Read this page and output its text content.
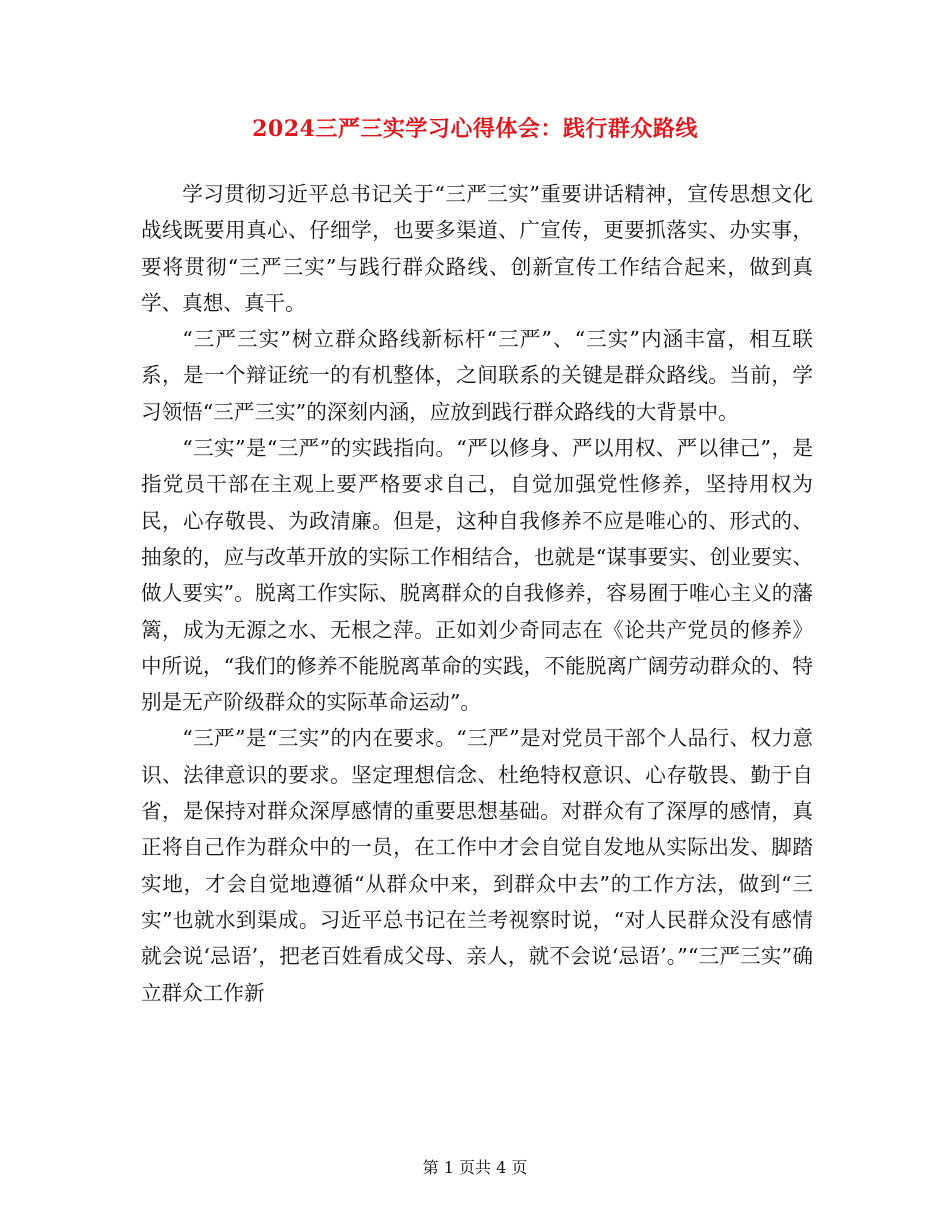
2024三严三实学习心得体会：践行群众路线

学习贯彻习近平总书记关于“三严三实”重要讲话精神，宣传思想文化战线既要用真心、仔细学，也要多渠道、广宣传，更要抓落实、办实事，要将贯彻“三严三实”与践行群众路线、创新宣传工作结合起来，做到真学、真想、真干。

“三严三实”树立群众路线新标杆“三严”、“三实”内涵丰富，相互联系，是一个辩证统一的有机整体，之间联系的关键是群众路线。当前，学习领悟“三严三实”的深刻内涵，应放到践行群众路线的大背景中。

“三实”是“三严”的实践指向。“严以修身、严以用权、严以律己”，是指党员干部在主观上要严格要求自己，自觉加强党性修养，坚持用权为民，心存敬畏、为政清廉。但是，这种自我修养不应是唯心的、形式的、抽象的，应与改革开放的实际工作相结合，也就是“谋事要实、创业要实、做人要实”。脱离工作实际、脱离群众的自我修养，容易囿于唯心主义的藩篱，成为无源之水、无根之萍。正如刘少奇同志在《论共产党员的修养》中所说，“我们的修养不能脱离革命的实践，不能脱离广阔劳动群众的、特别是无产阶级群众的实际革命运动”。

“三严”是“三实”的内在要求。“三严”是对党员干部个人品行、权力意识、法律意识的要求。坚定理想信念、杜绝特权意识、心存敬畏、勤于自省，是保持对群众深厚感情的重要思想基础。对群众有了深厚的感情，真正将自己作为群众中的一员，在工作中才会自觉自发地从实际出发、脚踏实地，才会自觉地遵循“从群众中来，到群众中去”的工作方法，做到“三实”也就水到渠成。习近平总书记在兰考视察时说，“对人民群众没有感情就会说‘忌语’，把老百姓看成父母、亲人，就不会说‘忌语’。”“三严三实”确立群众工作新

第 1 页共 4 页
